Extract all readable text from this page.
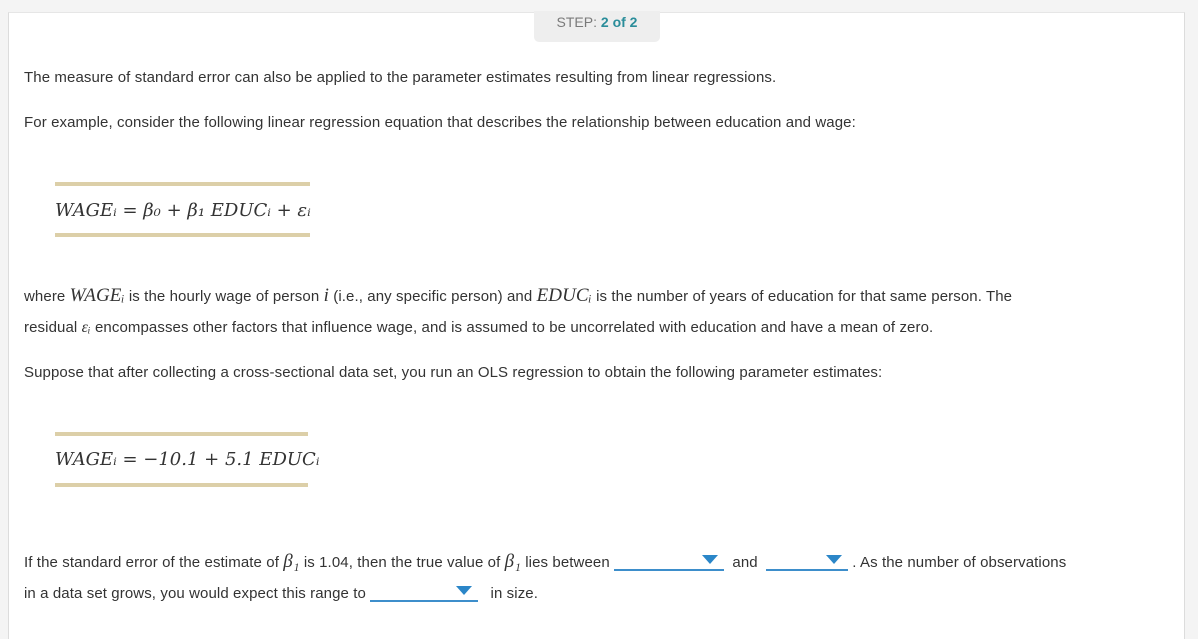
STEP: 2 of 2
The measure of standard error can also be applied to the parameter estimates resulting from linear regressions.
For example, consider the following linear regression equation that describes the relationship between education and wage:
WAGEᵢ = β₀ + β₁ EDUCᵢ + εᵢ
where WAGEᵢ is the hourly wage of person i (i.e., any specific person) and EDUCᵢ is the number of years of education for that same person. The
residual εᵢ encompasses other factors that influence wage, and is assumed to be uncorrelated with education and have a mean of zero.
Suppose that after collecting a cross-sectional data set, you run an OLS regression to obtain the following parameter estimates:
WAGEᵢ = −10.1 + 5.1 EDUCᵢ
If the standard error of the estimate of β₁ is 1.04, then the true value of β₁ lies between	and	. As the number of observations
in a data set grows, you would expect this range to	in size.
